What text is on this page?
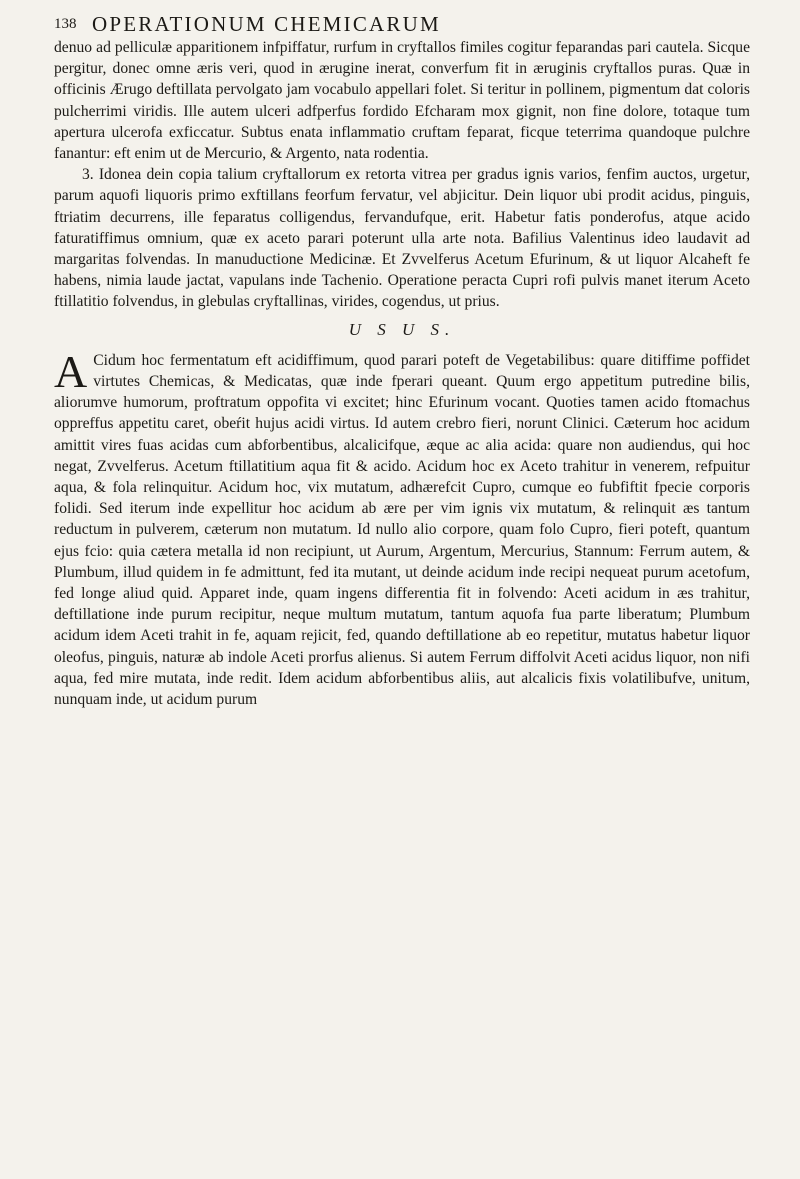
138 OPERATIONUM CHEMICARUM

denuo ad pelliculæ apparitionem infpiffatur, rurfum in cryftallos fimiles cogitur feparandas pari cautela. Sicque pergitur, donec omne æris veri, quod in ærugine inerat, converfum fit in æruginis cryftallos puras. Quæ in officinis Ærugo deftillata pervolgato jam vocabulo appellari folet. Si teritur in pollinem, pigmentum dat coloris pulcherrimi viridis. Ille autem ulceri adfperfus fordido Efcharam mox gignit, non fine dolore, totaque tum apertura ulcerofa exficcatur. Subtus enata inflammatio cruftam feparat, ficque teterrima quandoque pulchre fanantur: eft enim ut de Mercurio, & Argento, nata rodentia.

3. Idonea dein copia talium cryftallorum ex retorta vitrea per gradus ignis varios, fenfim auctos, urgetur, parum aquofi liquoris primo exftillans feorfum fervatur, vel abjicitur. Dein liquor ubi prodit acidus, pinguis, ftriatim decurrens, ille feparatus colligendus, fervandufque, erit. Habetur fatis ponderofus, atque acido faturatiffimus omnium, quæ ex aceto parari poterunt ulla arte nota. Bafilius Valentinus ideo laudavit ad margaritas folvendas. In manuductione Medicinæ. Et Zvvelferus Acetum Efurinum, & ut liquor Alcaheft fe habens, nimia laude jactat, vapulans inde Tachenio. Operatione peracta Cupri rofi pulvis manet iterum Aceto ftillatitio folvendus, in glebulas cryftallinas, virides, cogendus, ut prius.

U S U S.

A Cidum hoc fermentatum eft acidiffimum, quod parari poteft de Vegetabilibus: quare ditiffime poffidet virtutes Chemicas, & Medicatas, quæ inde fperari queant. Quum ergo appetitum putredine bilis, aliorumve humorum, proftratum oppofita vi excitet; hinc Efurinum vocant. Quoties tamen acido ftomachus oppreffus appetitu caret, obeŕit hujus acidi virtus. Id autem crebro fieri, norunt Clinici. Cæterum hoc acidum amittit vires fuas acidas cum abforbentibus, alcalicifque, æque ac alia acida: quare non audiendus, qui hoc negat, Zvvelferus. Acetum ftillatitium aqua fit & acido. Acidum hoc ex Aceto trahitur in venerem, refpuitur aqua, & fola relinquitur. Acidum hoc, vix mutatum, adhærefcit Cupro, cumque eo fubfiftit fpecie corporis folidi. Sed iterum inde expellitur hoc acidum ab ære per vim ignis vix mutatum, & relinquit æs tantum reductum in pulverem, cæterum non mutatum. Id nullo alio corpore, quam folo Cupro, fieri poteft, quantum ejus fcio: quia cætera metalla id non recipiunt, ut Aurum, Argentum, Mercurius, Stannum: Ferrum autem, & Plumbum, illud quidem in fe admittunt, fed ita mutant, ut deinde acidum inde recipi nequeat purum acetofum, fed longe aliud quid. Apparet inde, quam ingens differentia fit in folvendo: Aceti acidum in æs trahitur, deftillatione inde purum recipitur, neque multum mutatum, tantum aquofa fua parte liberatum; Plumbum acidum idem Aceti trahit in fe, aquam rejicit, fed, quando deftillatione ab eo repetitur, mutatus habetur liquor oleofus, pinguis, naturæ ab indole Aceti prorfus alienus. Si autem Ferrum diffolvit Aceti acidus liquor, non nifi aqua, fed mire mutata, inde redit. Idem acidum abforbentibus aliis, aut alcalicis fixis volatilibufve, unitum, nunquam inde, ut acidum purum
